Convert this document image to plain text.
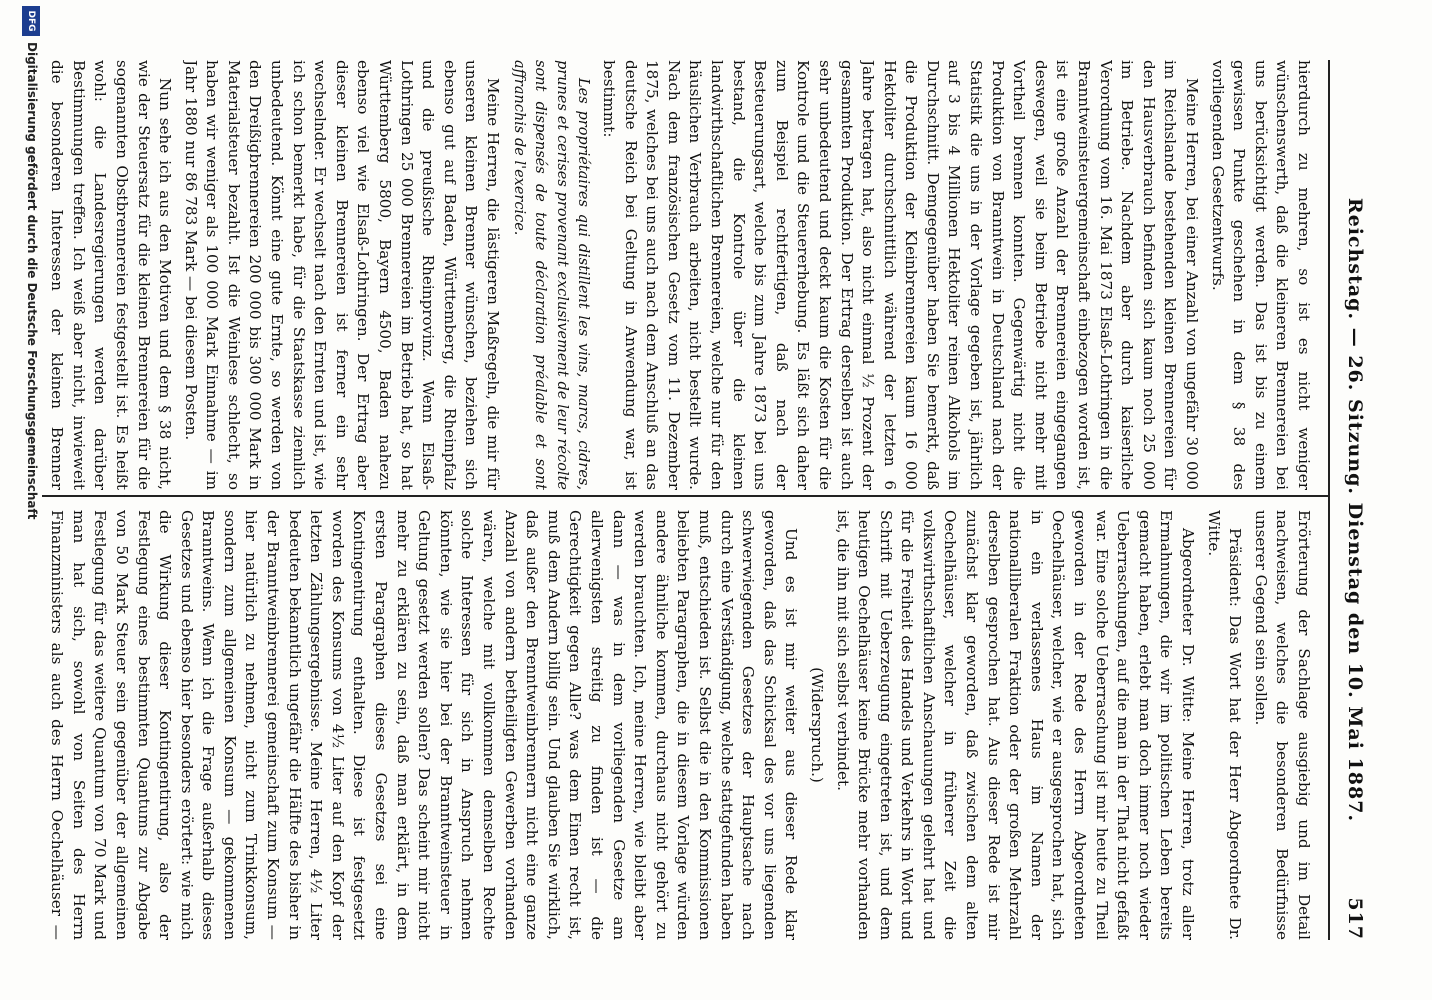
Reichstag. — 26. Sitzung. Dienstag den 10. Mai 1887.
517

hierdurch zu mehren, so ist es nicht weniger wünschenswerth, daß die kleineren Brennereien bei uns berücksichtigt werden. Das ist bis zu einem gewissen Punkte geschehen in dem § 38 des vorliegenden Gesetzentwurfs.

Meine Herren, bei einer Anzahl von ungefähr 30 000 im Reichslande bestehenden kleinen Brennereien für den Hausverbrauch befinden sich kaum noch 25 000 im Betriebe. Nachdem aber durch kaiserliche Verordnung vom 16. Mai 1873 Elsaß-Lothringen in die Branntweinsteuergemeinschaft einbezogen worden ist, ist eine große Anzahl der Brennereien eingegangen deswegen, weil sie beim Betriebe nicht mehr mit Vortheil brennen konnten. Gegenwärtig nicht die Produktion von Branntwein in Deutschland nach der Statistik die uns in der Vorlage gegeben ist, jährlich auf 3 bis 4 Millionen Hektoliter reinen Alkohols im Durchschnitt. Demgegenüber haben Sie bemerkt, daß die Produktion der Kleinbrennereien kaum 16 000 Hektoliter durchschnittlich während der letzten 6 Jahre betragen hat, also nicht einmal ½ Prozent der gesammten Produktion. Der Ertrag derselben ist auch sehr unbedeutend und deckt kaum die Kosten für die Kontrole und die Steuererhebung. Es läßt sich daher zum Beispiel rechtfertigen, daß nach der Besteuerungsart, welche bis zum Jahre 1873 bei uns bestand, die Kontrole über die kleinen landwirthschaftlichen Brennereien, welche nur für den häuslichen Verbrauch arbeiten, nicht bestellt wurde. Nach dem französischen Gesetz vom 11. Dezember 1875, welches bei uns auch nach dem Anschluß an das deutsche Reich bei Geltung in Anwendung war, ist bestimmt:

Les propriétaires qui distillent les vins, marcs, cidres, prunes et cerises provenant exclusivement de leur récolte sont dispensés de toute déclaration préalable et sont affranchis de l'exercice.

Meine Herren, die lästigeren Maßregeln, die mir für unseren kleinen Brenner wünschen, beziehen sich ebenso gut auf Baden, Württemberg, die Rheinpfalz und die preußische Rheinprovinz. Wenn Elsaß-Lothringen 25 000 Brennereien im Betrieb hat, so hat Württemberg 5800, Bayern 4500, Baden nahezu ebenso viel wie Elsaß-Lothringen. Der Ertrag aber dieser kleinen Brennereien ist ferner ein sehr wechselnder. Er wechselt nach den Ernten und ist, wie ich schon bemerkt habe, für die Staatskasse ziemlich unbedeutend. Könnt eine gute Ernte, so werden von den Dreißigbrennereien 200 000 bis 300 000 Mark in Materialsteuer bezahlt. Ist die Weinlese schlecht, so haben wir weniger als 100 000 Mark Einnahme — im Jahr 1880 nur 86 783 Mark — bei diesem Posten.

Nun sehe ich aus den Motiven und dem § 38 nicht, wie der Steuersatz für die kleinen Brennereien für die sogenannten Obstbrennereien festgestellt ist. Es heißt wohl: die Landesregierungen werden darüber Bestimmungen treffen. Ich weiß aber nicht, inwieweit die besonderen Interessen der kleinen Brenner

Erörterung der Sachlage ausgiebig und im Detail nachweisen, welches die besonderen Bedürfnisse unserer Gegend sein sollen.

Präsident: Das Wort hat der Herr Abgeordnete Dr. Witte.

Abgeordneter Dr. Witte: Meine Herren, trotz aller Ermahnungen, die wir im politischen Leben bereits gemacht haben, erlebt man doch immer noch wieder Ueberraschungen, auf die man in der That nicht gefaßt war. Eine solche Ueberraschung ist mir heute zu Theil geworden in der Rede des Herrn Abgeordneten Oechelhäuser, welcher, wie er ausgesprochen hat, sich in ein verlassenes Haus im Namen der nationalliberalen Fraktion oder der großen Mehrzahl derselben gesprochen hat. Aus dieser Rede ist mir zunächst klar geworden, daß zwischen dem alten Oechelhäuser, welcher in früherer Zeit die volkswirthschaftlichen Anschauungen gelehrt hat und für die Freiheit des Handels und Verkehrs in Wort und Schrift mit Ueberzeugung eingetreten ist, und dem heutigen Oechelhäuser keine Brücke mehr vorhanden ist, die ihn mit sich selbst verbindet.

(Widerspruch.)

Und es ist mir weiter aus dieser Rede klar geworden, daß das Schicksal des vor uns liegenden schwerwiegenden Gesetzes der Hauptsache nach durch eine Verständigung, welche stattgefunden haben muß, entschieden ist. Selbst die in den Kommissionen beliebten Paragraphen, die in diesem Vorlage würden andere ähnliche kommen, durchaus nicht gehört zu werden brauchten. Ich, meine Herren, wie bleibt aber dann — was in dem vorliegenden Gesetze am allerwenigsten streitig zu finden ist — die Gerechtigkeit gegen Alle? was dem Einen recht ist, muß dem Andern billig sein. Und glauben Sie wirklich, daß außer den Brenntweinbrennern nicht eine ganze Anzahl von andern betheiligten Gewerben vorhanden wären, welche mit vollkommen demselben Rechte solche Interessen für sich in Anspruch nehmen könnten, wie sie hier bei der Branntweinsteuer in Geltung gesetzt werden sollen? Das scheint mir nicht mehr zu erklären zu sein, daß man erklärt, in dem ersten Paragraphen dieses Gesetzes sei eine Kontingentirung enthalten. Diese ist festgesetzt worden des Konsums von 4½ Liter auf den Kopf der letzten Zählungsergebnisse. Meine Herren, 4½ Liter bedeuten bekanntlich ungefähr die Hälfte des bisher in der Branntweinbrennerei gemeinschaft zum Konsum — hier natürlich zu nehmen, nicht zum Trinkkonsum, sondern zum allgemeinen Konsum — gekommenen Branntweins. Wenn ich die Frage außerhalb dieses Gesetzes und ebenso hier besonders erörtert: wie mich die Wirkung dieser Kontingentirung, also der Festlegung eines bestimmten Quantums zur Abgabe von 50 Mark Steuer sein gegenüber der allgemeinen Festlegung für das weitere Quantum von 70 Mark und man hat sich, sowohl von Seiten des Herrn Finanzministers als auch des Herrn Oechelhäuser —

DFG
Digitalisierung gefördert durch die Deutsche Forschungsgemeinschaft
